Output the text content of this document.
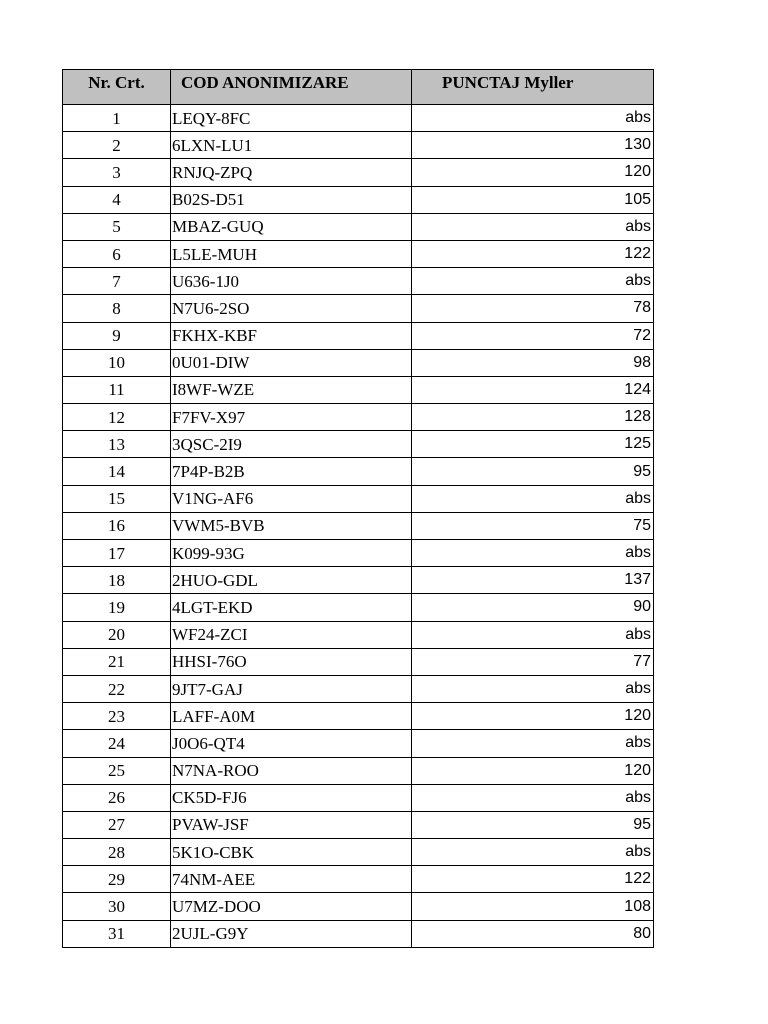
Nr. Crt.	COD ANONIMIZARE	PUNCTAJ Myller
1	LEQY-8FC	abs
2	6LXN-LU1	130
3	RNJQ-ZPQ	120
4	B02S-D51	105
5	MBAZ-GUQ	abs
6	L5LE-MUH	122
7	U636-1J0	abs
8	N7U6-2SO	78
9	FKHX-KBF	72
10	0U01-DIW	98
11	I8WF-WZE	124
12	F7FV-X97	128
13	3QSC-2I9	125
14	7P4P-B2B	95
15	V1NG-AF6	abs
16	VWM5-BVB	75
17	K099-93G	abs
18	2HUO-GDL	137
19	4LGT-EKD	90
20	WF24-ZCI	abs
21	HHSI-76O	77
22	9JT7-GAJ	abs
23	LAFF-A0M	120
24	J0O6-QT4	abs
25	N7NA-ROO	120
26	CK5D-FJ6	abs
27	PVAW-JSF	95
28	5K1O-CBK	abs
29	74NM-AEE	122
30	U7MZ-DOO	108
31	2UJL-G9Y	80
